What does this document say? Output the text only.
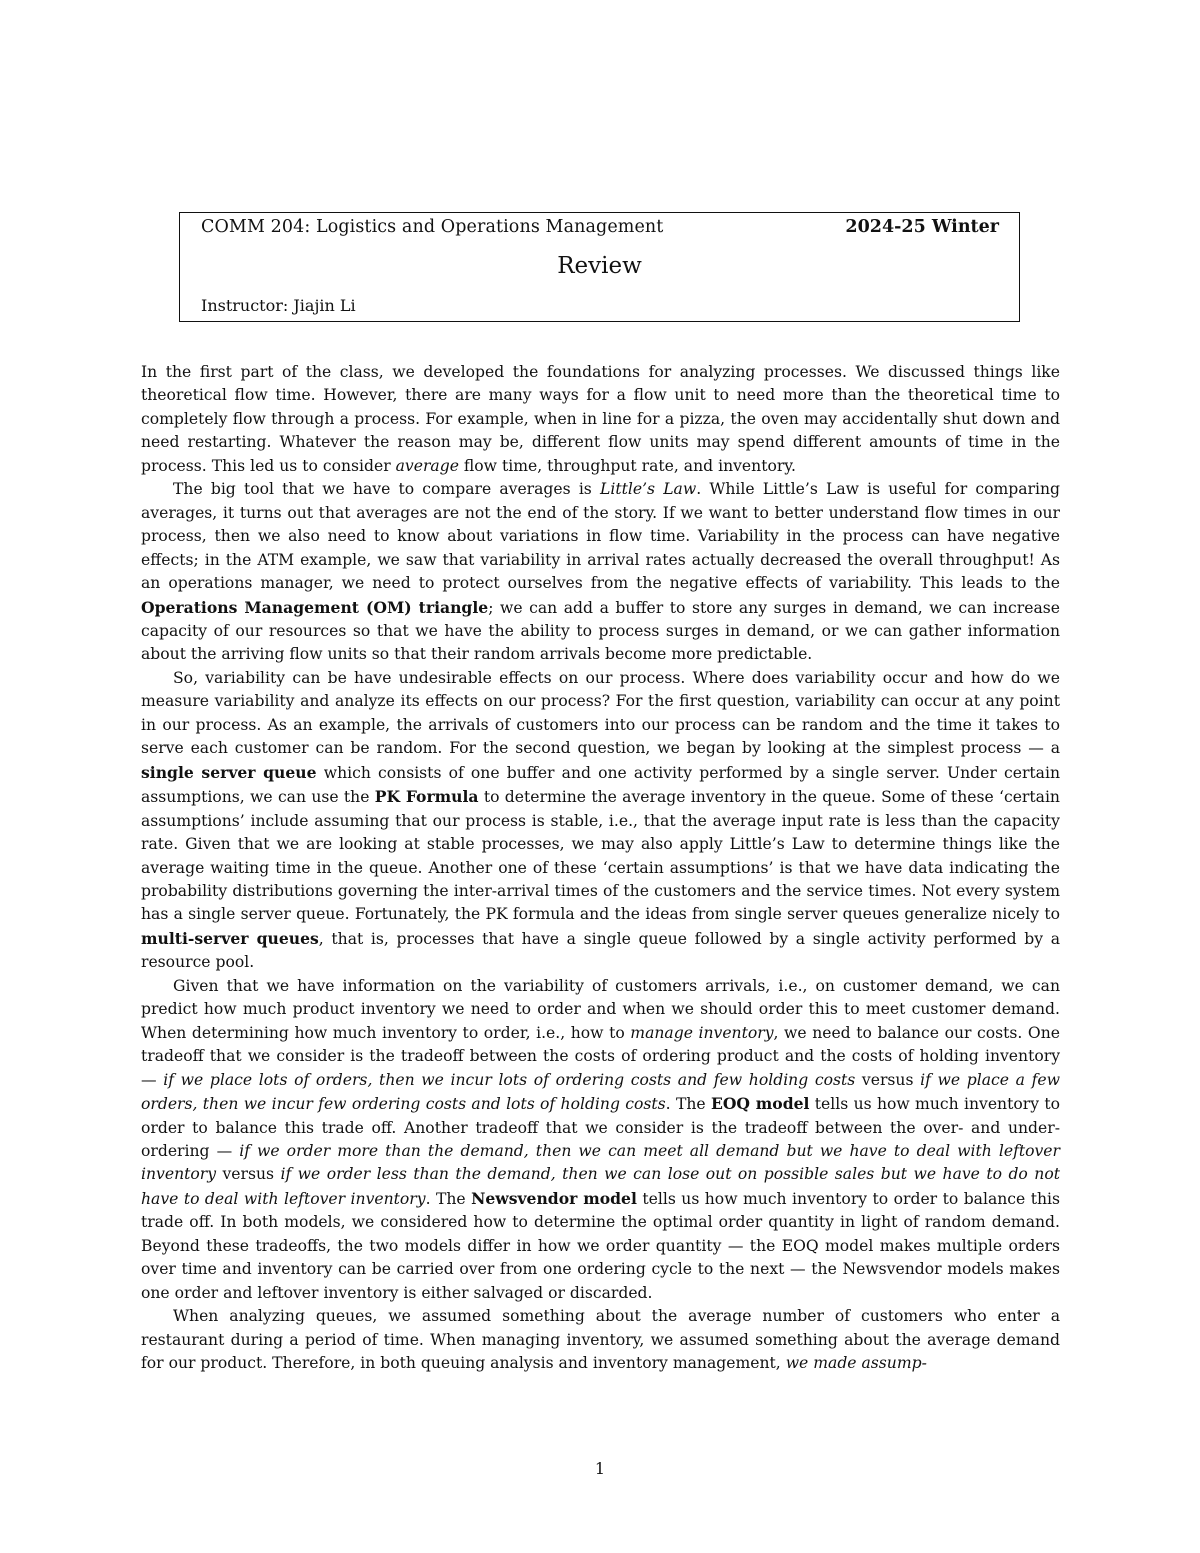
COMM 204: Logistics and Operations Management	2024-25 Winter
Review
Instructor: Jiajin Li

In the first part of the class, we developed the foundations for analyzing processes. We discussed things like theoretical flow time. However, there are many ways for a flow unit to need more than the theoretical time to completely flow through a process. For example, when in line for a pizza, the oven may accidentally shut down and need restarting. Whatever the reason may be, different flow units may spend different amounts of time in the process. This led us to consider average flow time, throughput rate, and inventory.

The big tool that we have to compare averages is Little’s Law. While Little’s Law is useful for comparing averages, it turns out that averages are not the end of the story. If we want to better understand flow times in our process, then we also need to know about variations in flow time. Variability in the process can have negative effects; in the ATM example, we saw that variability in arrival rates actually decreased the overall throughput! As an operations manager, we need to protect ourselves from the negative effects of variability. This leads to the Operations Management (OM) triangle; we can add a buffer to store any surges in demand, we can increase capacity of our resources so that we have the ability to process surges in demand, or we can gather information about the arriving flow units so that their random arrivals become more predictable.

So, variability can be have undesirable effects on our process. Where does variability occur and how do we measure variability and analyze its effects on our process? For the first question, variability can occur at any point in our process. As an example, the arrivals of customers into our process can be random and the time it takes to serve each customer can be random. For the second question, we began by looking at the simplest process — a single server queue which consists of one buffer and one activity performed by a single server. Under certain assumptions, we can use the PK Formula to determine the average inventory in the queue. Some of these ‘certain assumptions’ include assuming that our process is stable, i.e., that the average input rate is less than the capacity rate. Given that we are looking at stable processes, we may also apply Little’s Law to determine things like the average waiting time in the queue. Another one of these ‘certain assumptions’ is that we have data indicating the probability distributions governing the inter-arrival times of the customers and the service times. Not every system has a single server queue. Fortunately, the PK formula and the ideas from single server queues generalize nicely to multi-server queues, that is, processes that have a single queue followed by a single activity performed by a resource pool.

Given that we have information on the variability of customers arrivals, i.e., on customer demand, we can predict how much product inventory we need to order and when we should order this to meet customer demand. When determining how much inventory to order, i.e., how to manage inventory, we need to balance our costs. One tradeoff that we consider is the tradeoff between the costs of ordering product and the costs of holding inventory — if we place lots of orders, then we incur lots of ordering costs and few holding costs versus if we place a few orders, then we incur few ordering costs and lots of holding costs. The EOQ model tells us how much inventory to order to balance this trade off. Another tradeoff that we consider is the tradeoff between the over- and under-ordering — if we order more than the demand, then we can meet all demand but we have to deal with leftover inventory versus if we order less than the demand, then we can lose out on possible sales but we have to do not have to deal with leftover inventory. The Newsvendor model tells us how much inventory to order to balance this trade off. In both models, we considered how to determine the optimal order quantity in light of random demand. Beyond these tradeoffs, the two models differ in how we order quantity — the EOQ model makes multiple orders over time and inventory can be carried over from one ordering cycle to the next — the Newsvendor models makes one order and leftover inventory is either salvaged or discarded.

When analyzing queues, we assumed something about the average number of customers who enter a restaurant during a period of time. When managing inventory, we assumed something about the average demand for our product. Therefore, in both queuing analysis and inventory management, we made assump-

1
